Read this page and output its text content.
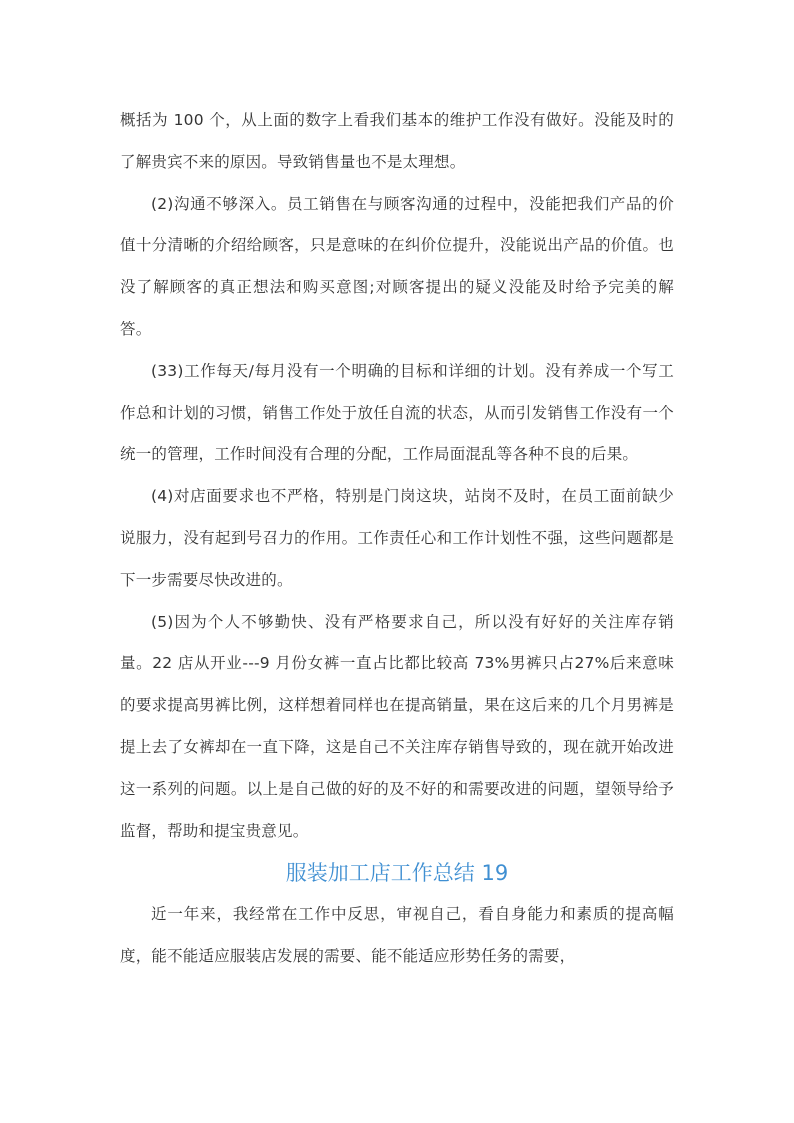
概括为 100 个，从上面的数字上看我们基本的维护工作没有做好。没能及时的了解贵宾不来的原因。导致销售量也不是太理想。

(2)沟通不够深入。员工销售在与顾客沟通的过程中，没能把我们产品的价值十分清晰的介绍给顾客，只是意味的在纠价位提升，没能说出产品的价值。也没了解顾客的真正想法和购买意图;对顾客提出的疑义没能及时给予完美的解答。

(33)工作每天/每月没有一个明确的目标和详细的计划。没有养成一个写工作总和计划的习惯，销售工作处于放任自流的状态，从而引发销售工作没有一个统一的管理，工作时间没有合理的分配，工作局面混乱等各种不良的后果。

(4)对店面要求也不严格，特别是门岗这块，站岗不及时，在员工面前缺少说服力，没有起到号召力的作用。工作责任心和工作计划性不强，这些问题都是下一步需要尽快改进的。

(5)因为个人不够勤快、没有严格要求自己，所以没有好好的关注库存销量。22 店从开业---9 月份女裤一直占比都比较高 73%男裤只占27%后来意味的要求提高男裤比例，这样想着同样也在提高销量，果在这后来的几个月男裤是提上去了女裤却在一直下降，这是自己不关注库存销售导致的，现在就开始改进这一系列的问题。以上是自己做的好的及不好的和需要改进的问题，望领导给予监督，帮助和提宝贵意见。

服装加工店工作总结 19

近一年来，我经常在工作中反思，审视自己，看自身能力和素质的提高幅度，能不能适应服装店发展的需要、能不能适应形势任务的需要，
